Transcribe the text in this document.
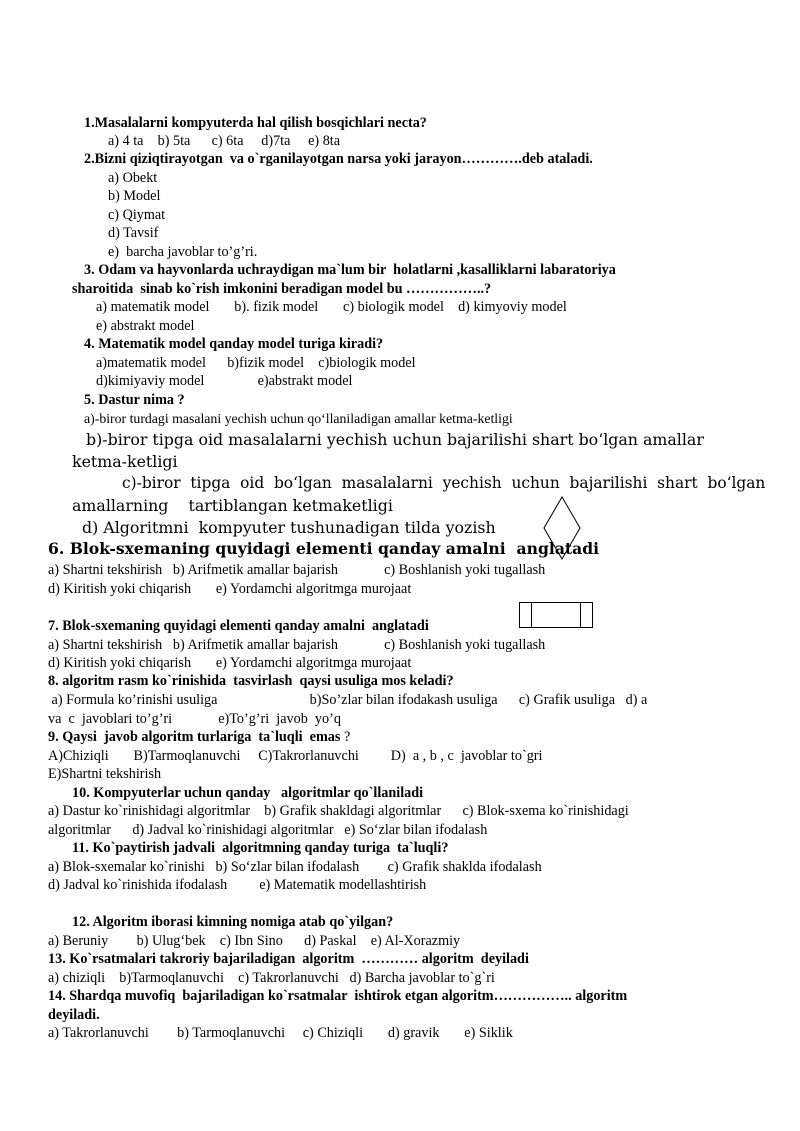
1.Masalalarni kompyuterda hal qilish bosqichlari necta?
a) 4 ta    b) 5ta      c) 6ta     d)7ta     e) 8ta
2.Bizni qiziqtirayotgan  va o`rganilayotgan narsa yoki jarayon………….deb ataladi.
a) Obekt
b) Model
c) Qiymat
d) Tavsif
e)  barcha javoblar to’g’ri.
3. Odam va hayvonlarda uchraydigan ma`lum bir  holatlarni ,kasalliklarni labaratoriya
sharoitida  sinab ko`rish imkonini beradigan model bu ……………..?
a) matematik model       b). fizik model       c) biologik model    d) kimyoviy model
e) abstrakt model
4. Matematik model qanday model turiga kiradi?
a)matematik model      b)fizik model    c)biologik model
d)kimiyaviy model               e)abstrakt model
5. Dastur nima ?
a)-biror turdagi masalani yechish uchun qo‘llaniladigan amallar ketma-ketligi
b)-biror tipga oid masalalarni yechish uchun bajarilishi shart bo‘lgan amallar
ketma-ketligi
c)-biror  tipga  oid  bo‘lgan  masalalarni  yechish  uchun  bajarilishi  shart  bo‘lgan
amallarning    tartiblangan ketmaketligi
d) Algoritmni  kompyuter tushunadigan tilda yozish
6. Blok-sxemaning quyidagi elementi qanday amalni  anglatadi
a) Shartni tekshirish   b) Arifmetik amallar bajarish             c) Boshlanish yoki tugallash
d) Kiritish yoki chiqarish       e) Yordamchi algoritmga murojaat
7. Blok-sxemaning quyidagi elementi qanday amalni  anglatadi
a) Shartni tekshirish   b) Arifmetik amallar bajarish             c) Boshlanish yoki tugallash
d) Kiritish yoki chiqarish       e) Yordamchi algoritmga murojaat
8. algoritm rasm ko`rinishida  tasvirlash  qaysi usuliga mos keladi?
a) Formula ko’rinishi usuliga                          b)So’zlar bilan ifodakash usuliga      c) Grafik usuliga   d) a
va  c  javoblari to’g’ri             e)To’g’ri  javob  yo’q
9. Qaysi  javob algoritm turlariga  ta`luqli  emas ?
A)Chiziqli       B)Tarmoqlanuvchi     C)Takrorlanuvchi         D)  a , b , c  javoblar to`gri
E)Shartni tekshirish
10. Kompyuterlar uchun qanday   algoritmlar qo`llaniladi
a) Dastur ko`rinishidagi algoritmlar    b) Grafik shakldagi algoritmlar      c) Blok-sxema ko`rinishidagi
algoritmlar      d) Jadval ko`rinishidagi algoritmlar   e) So‘zlar bilan ifodalash
11. Ko`paytirish jadvali  algoritmning qanday turiga  ta`luqli?
a) Blok-sxemalar ko`rinishi   b) So‘zlar bilan ifodalash        c) Grafik shaklda ifodalash
d) Jadval ko`rinishida ifodalash         e) Matematik modellashtirish
12. Algoritm iborasi kimning nomiga atab qo`yilgan?
a) Beruniy        b) Ulug‘bek    c) Ibn Sino      d) Paskal    e) Al-Xorazmiy
13. Ko`rsatmalari takroriy bajariladigan  algoritm  ………… algoritm  deyiladi
a) chiziqli    b)Tarmoqlanuvchi    c) Takrorlanuvchi   d) Barcha javoblar to`g`ri
14. Shardqa muvofiq  bajariladigan ko`rsatmalar  ishtirok etgan algoritm…………….. algoritm
deyiladi.
a) Takrorlanuvchi        b) Tarmoqlanuvchi     c) Chiziqli       d) gravik       e) Siklik
